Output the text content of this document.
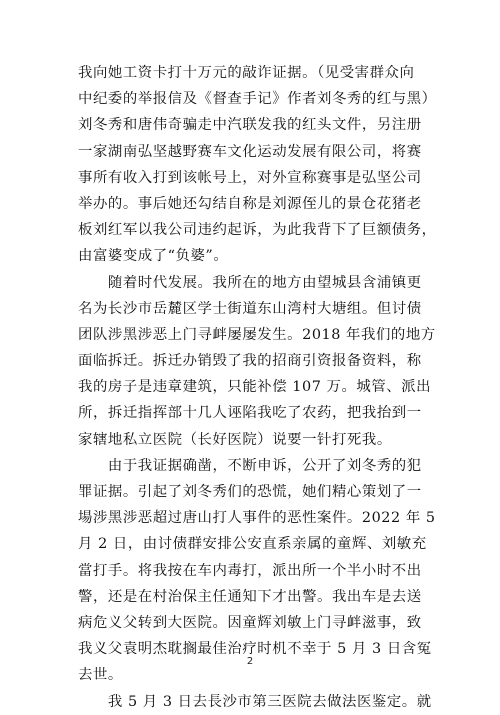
我向她工资卡打十万元的敲诈证据。（见受害群众向
中纪委的举报信及《督查手记》作者刘冬秀的红与黑）
刘冬秀和唐伟奇骗走中汽联发我的红头文件，另注册
一家湖南弘坚越野赛车文化运动发展有限公司，将赛
事所有收入打到该帐号上，对外宣称赛事是弘坚公司
举办的。事后她还勾结自称是刘源侄儿的景仓花猪老
板刘红军以我公司违约起诉，为此我背下了巨额债务，
由富婆变成了“负婆”。
　　随着时代发展。我所在的地方由望城县含浦镇更
名为长沙市岳麓区学士街道东山湾村大塘组。但讨债
团队涉黑涉恶上门寻衅屡屡发生。2018 年我们的地方
面临拆迁。拆迁办销毁了我的招商引资报备资料，称
我的房子是违章建筑，只能补偿 107 万。城管、派出
所，拆迁指挥部十几人诬陷我吃了农药，把我抬到一
家辖地私立医院（长好医院）说要一针打死我。
　　由于我证据确凿，不断申诉，公开了刘冬秀的犯
罪证据。引起了刘冬秀们的恐慌，她们精心策划了一
場涉黑涉恶超过唐山打人事件的恶性案件。2022 年 5
月 2 日，由讨债群安排公安直系亲属的童辉、刘敏充
當打手。将我按在车内毒打，派出所一个半小时不出
警，还是在村治保主任通知下才出警。我出车是去送
病危义父转到大医院。因童辉刘敏上门寻衅滋事，致
我义父袁明杰耽搁最佳治疗时机不幸于 5 月 3 日含冤
去世。
　　我 5 月 3 日去長沙市第三医院去做法医鉴定。就
2
